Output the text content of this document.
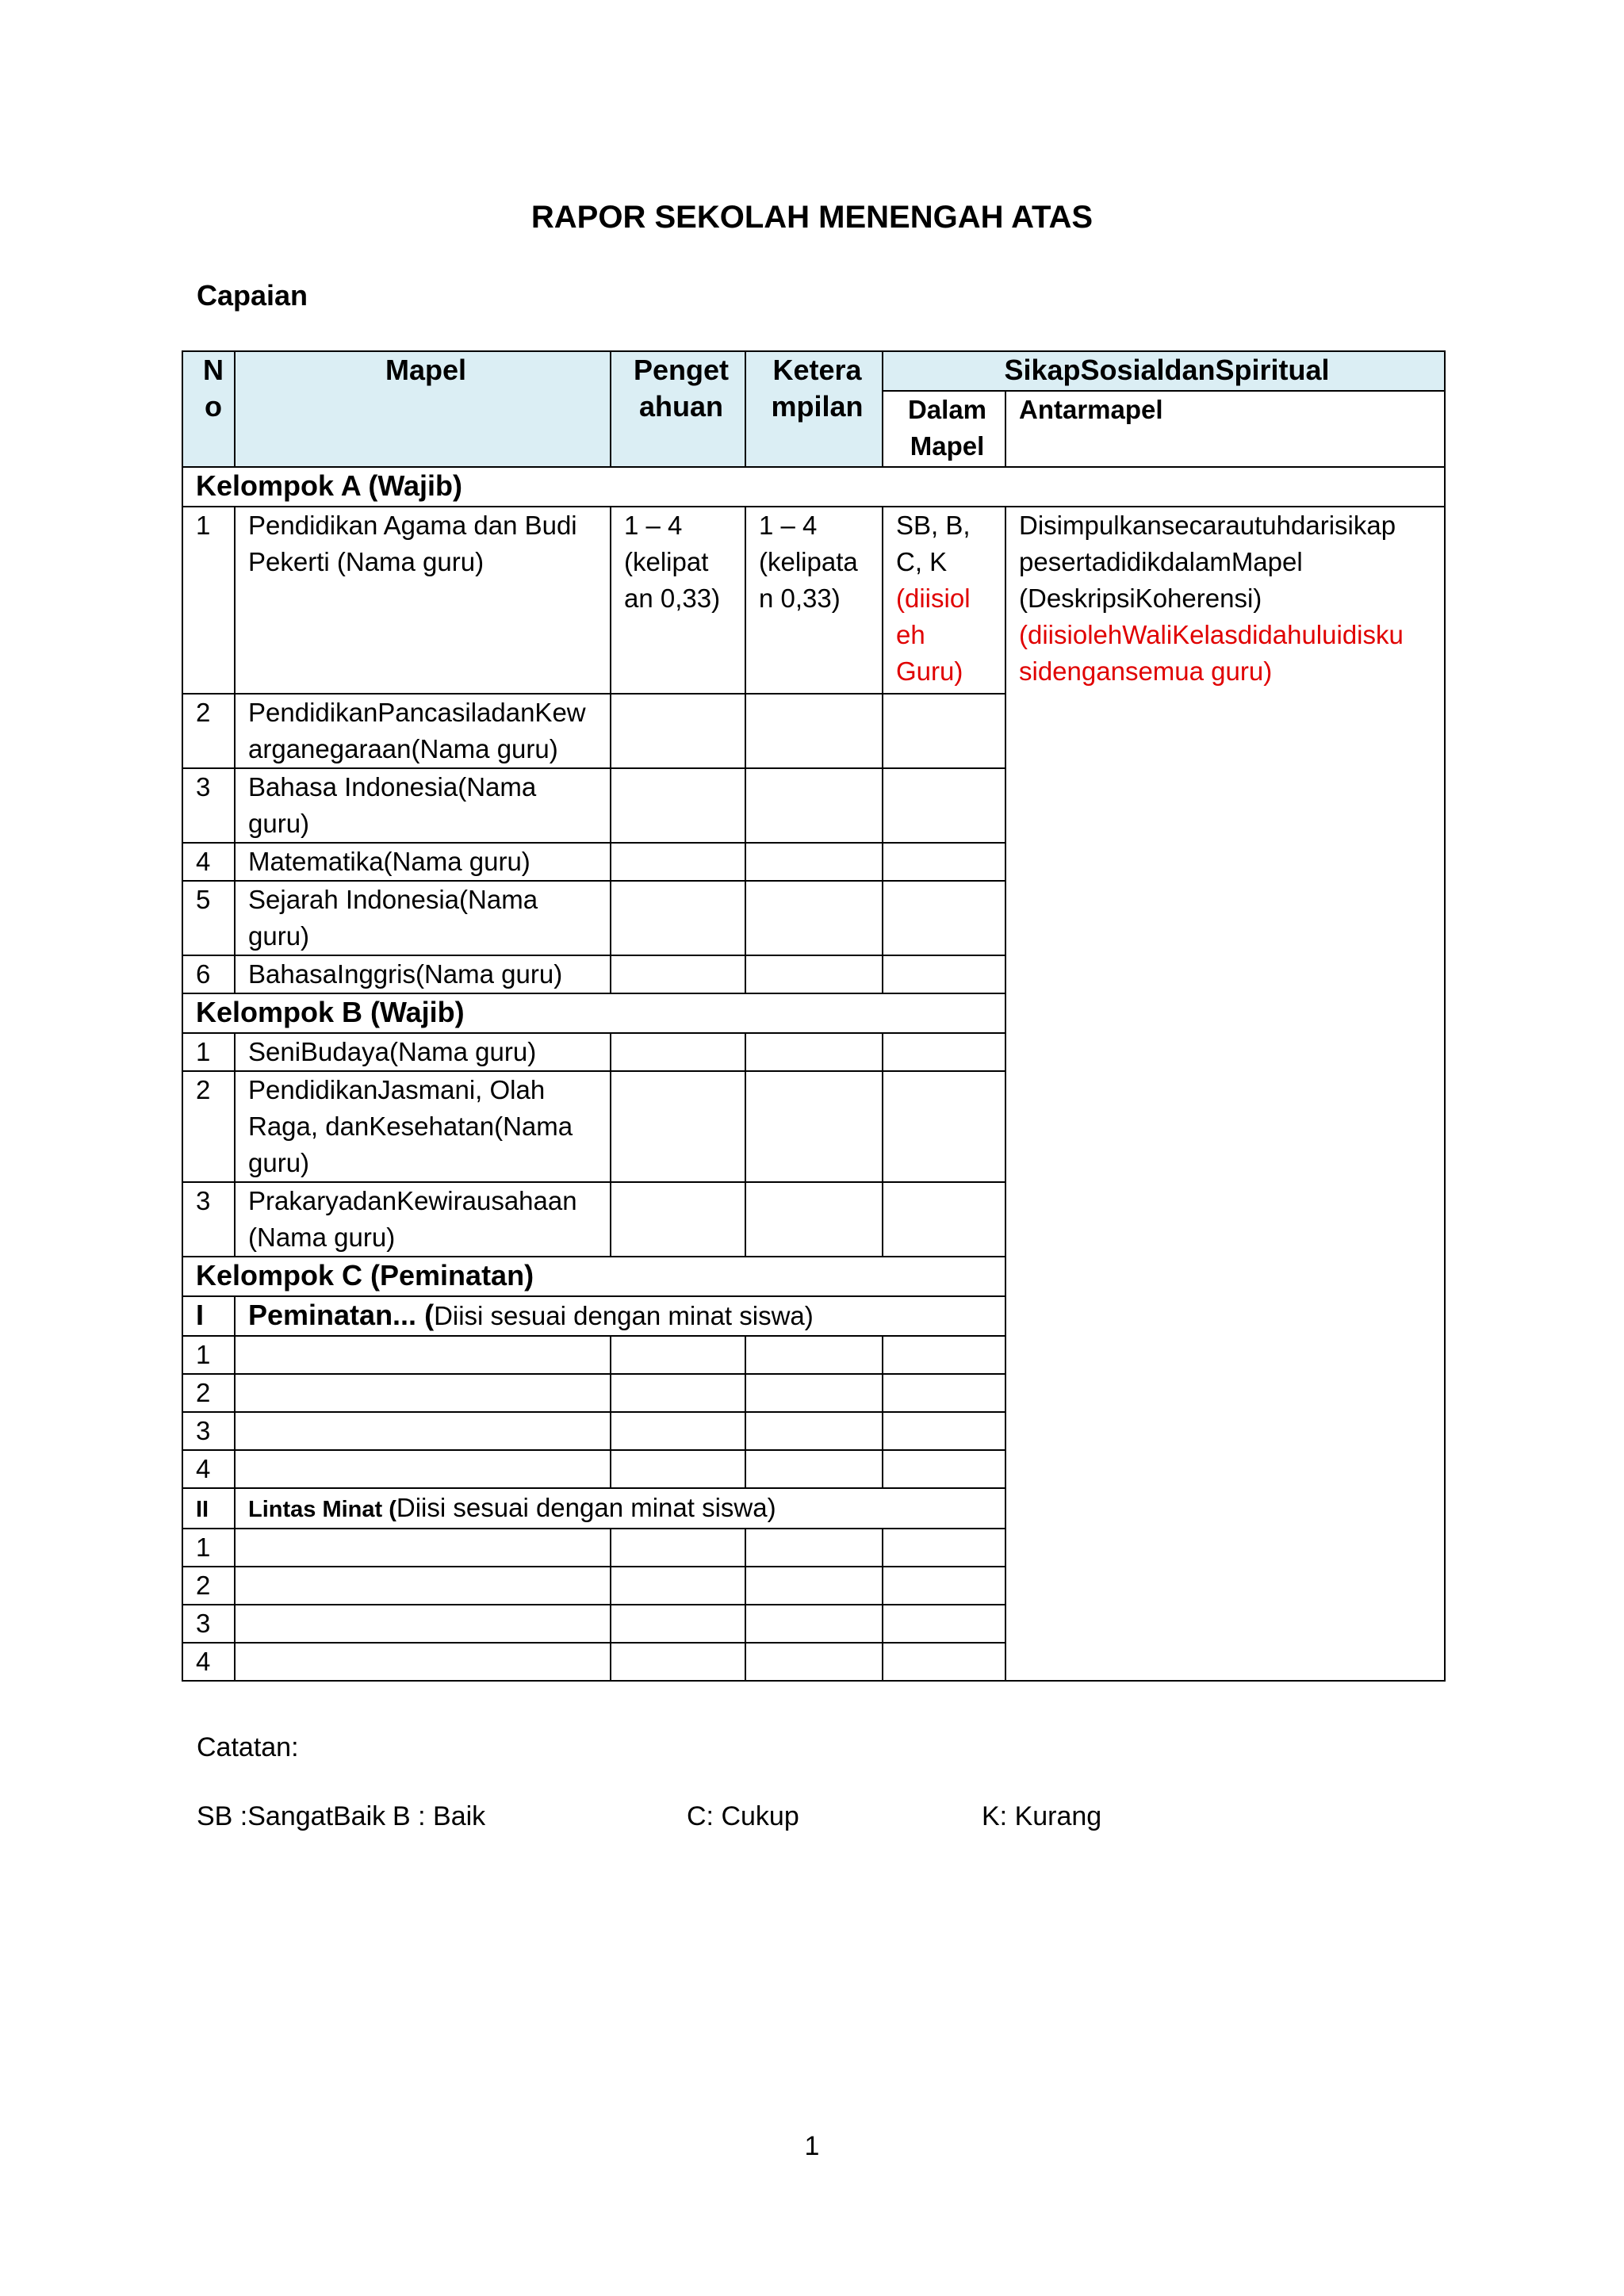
RAPOR SEKOLAH MENENGAH ATAS
Capaian
N o	Mapel	Penget ahuan	Ketera mpilan	SikapSosialdanSpiritual	
				Dalam Mapel	Antarmapel
Kelompok A (Wajib)					
1	Pendidikan Agama dan Budi Pekerti (Nama guru)	1 – 4 (kelipat an 0,33)	1 – 4 (kelipata n 0,33)	SB, B, C, K (diisiol eh Guru)	Disimpulkansecarautuhdarisikap pesertadidikdalamMapel (DeskripsiKoherensi) (diisiolehWaliKelasdidahuluidisku sidengansemua guru)
2	PendidikanPancasiladanKew arganegaraan(Nama guru)				
3	Bahasa Indonesia(Nama guru)				
4	Matematika(Nama guru)				
5	Sejarah Indonesia(Nama guru)				
6	BahasaInggris(Nama guru)				
Kelompok B (Wajib)					
1	SeniBudaya(Nama guru)				
2	PendidikanJasmani, Olah Raga, danKesehatan(Nama guru)				
3	PrakaryadanKewirausahaan (Nama guru)				
Kelompok C (Peminatan)					
I	Peminatan... (Diisi sesuai dengan minat siswa)				
1					
2					
3					
4					
II	Lintas Minat (Diisi sesuai dengan minat siswa)				
1					
2					
3					
4					
Catatan:
SB :SangatBaik B : Baik	C: Cukup	K: Kurang
1
